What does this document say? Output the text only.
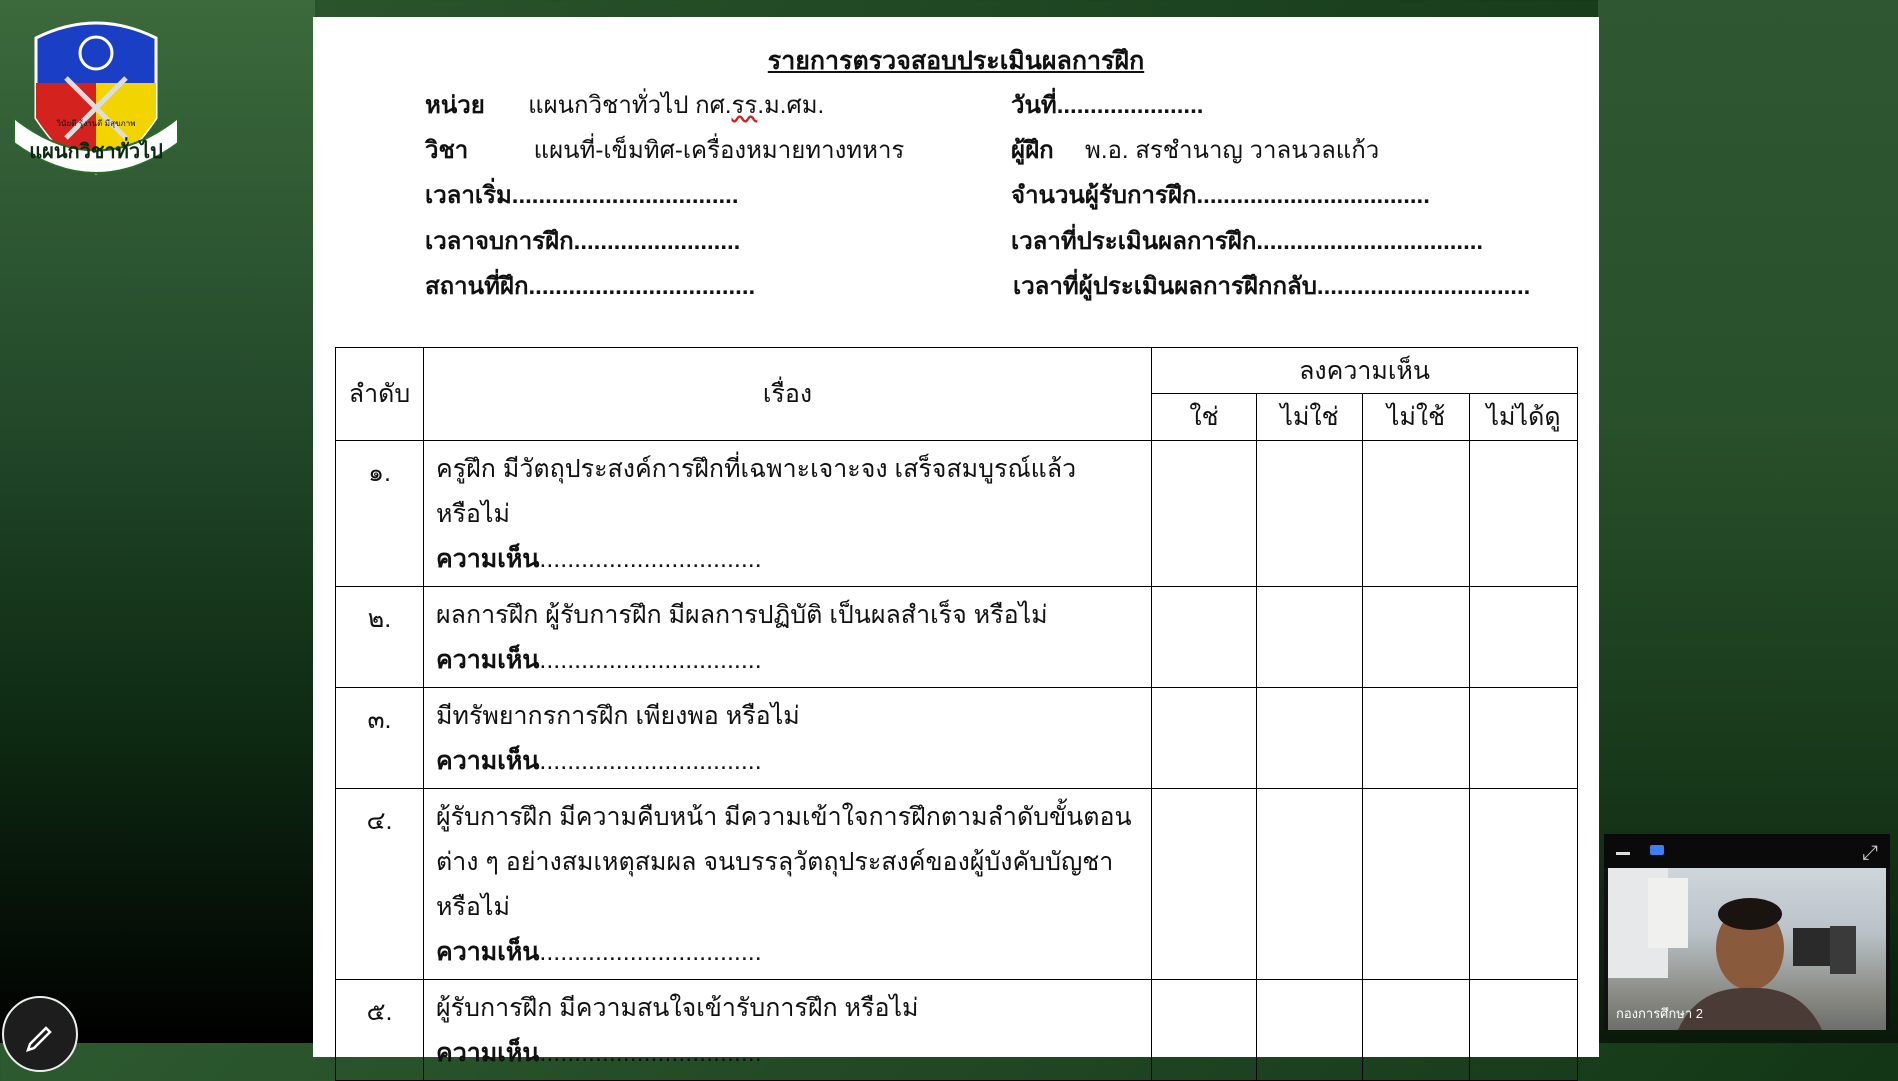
แผนกวิชาทั่วไป
วินัยดี รู้งานดี มีสุขภาพ
รายการตรวจสอบประเมินผลการฝึก
หน่วย แผนกวิชาทั่วไป กศ.รร.ม.ศม.	วันที่......................
วิชา	แผนที่-เข็มทิศ-เครื่องหมายทางทหาร	ผู้ฝึก พ.อ. สรชำนาญ วาลนวลแก้ว
เวลาเริ่ม..................................	จำนวนผู้รับการฝึก...................................
เวลาจบการฝึก.........................	เวลาที่ประเมินผลการฝึก..................................
สถานที่ฝึก..................................	เวลาที่ผู้ประเมินผลการฝึกกลับ................................
ลำดับ	เรื่อง	ลงความเห็น			
		ใช่	ไม่ใช่	ไม่ใช้	ไม่ได้ดู
๑.	ครูฝึก มีวัตถุประสงค์การฝึกที่เฉพาะเจาะจง เสร็จสมบูรณ์แล้ว
หรือไม่
ความเห็น................................				

๒.	ผลการฝึก ผู้รับการฝึก มีผลการปฏิบัติ เป็นผลสำเร็จ หรือไม่
ความเห็น................................				

๓.	มีทรัพยากรการฝึก เพียงพอ หรือไม่
ความเห็น................................				

๔.	ผู้รับการฝึก มีความคืบหน้า มีความเข้าใจการฝึกตามลำดับขั้นตอน
ต่าง ๆ อย่างสมเหตุสมผล จนบรรลุวัตถุประสงค์ของผู้บังคับบัญชา
หรือไม่
ความเห็น................................				

๕.	ผู้รับการฝึก มีความสนใจเข้ารับการฝึก หรือไม่
ความเห็น................................				

⤢
กองการศึกษา 2
